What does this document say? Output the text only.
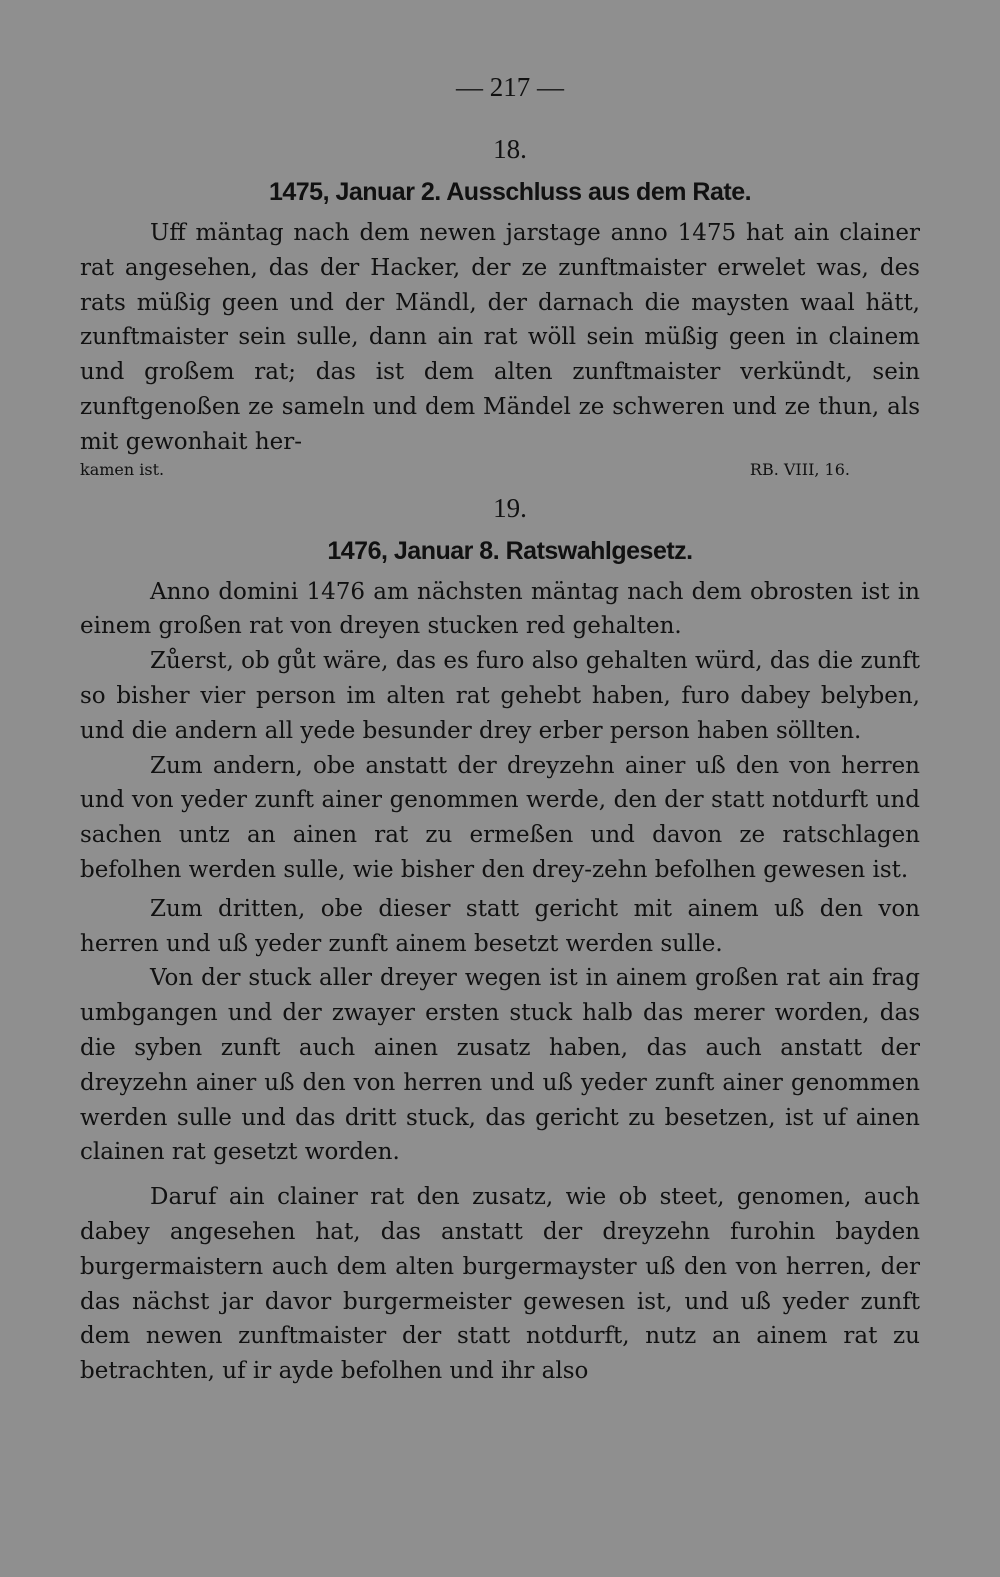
— 217 —
18.
1475, Januar 2. Ausschluss aus dem Rate.

Uff mäntag nach dem newen jarstage anno 1475 hat ain clainer rat angesehen, das der Hacker, der ze zunftmaister erwelet was, des rats müßig geen und der Mändl, der darnach die maysten waal hätt, zunftmaister sein sulle, dann ain rat wöll sein müßig geen in clainem und großem rat; das ist dem alten zunftmaister verkündt, sein zunftgenoßen ze sameln und dem Mändel ze schweren und ze thun, als mit gewonhait her-

kamen ist.	RB. VIII, 16.
19.
1476, Januar 8. Ratswahlgesetz.

Anno domini 1476 am nächsten mäntag nach dem obrosten ist in einem großen rat von dreyen stucken red gehalten.

Zůerst, ob gůt wäre, das es furo also gehalten würd, das die zunft so bisher vier person im alten rat gehebt haben, furo dabey belyben, und die andern all yede besunder drey erber person haben söllten.

Zum andern, obe anstatt der dreyzehn ainer uß den von herren und von yeder zunft ainer genommen werde, den der statt notdurft und sachen untz an ainen rat zu ermeßen und davon ze ratschlagen befolhen werden sulle, wie bisher den drey-zehn befolhen gewesen ist.

Zum dritten, obe dieser statt gericht mit ainem uß den von herren und uß yeder zunft ainem besetzt werden sulle.

Von der stuck aller dreyer wegen ist in ainem großen rat ain frag umbgangen und der zwayer ersten stuck halb das merer worden, das die syben zunft auch ainen zusatz haben, das auch anstatt der dreyzehn ainer uß den von herren und uß yeder zunft ainer genommen werden sulle und das dritt stuck, das gericht zu besetzen, ist uf ainen clainen rat gesetzt worden.

Daruf ain clainer rat den zusatz, wie ob steet, genomen, auch dabey angesehen hat, das anstatt der dreyzehn furohin bayden burgermaistern auch dem alten burgermayster uß den von herren, der das nächst jar davor burgermeister gewesen ist, und uß yeder zunft dem newen zunftmaister der statt notdurft, nutz an ainem rat zu betrachten, uf ir ayde befolhen und ihr also
